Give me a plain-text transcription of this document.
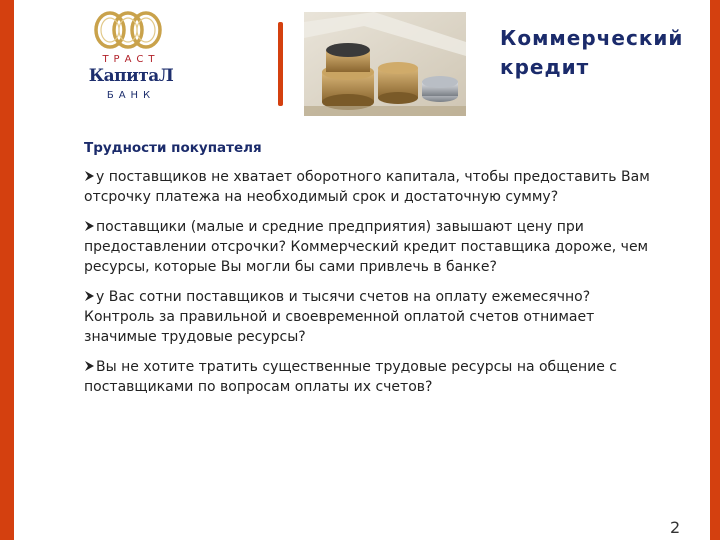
ТРАСТ
КапитаЛ
БАНК
Коммерческий
кредит
Трудности покупателя
у поставщиков не хватает оборотного капитала, чтобы предоставить Вам отсрочку платежа на необходимый срок и достаточную сумму?
поставщики (малые и средние предприятия) завышают цену при предоставлении отсрочки? Коммерческий кредит поставщика дороже, чем ресурсы, которые Вы могли бы сами привлечь в банке?
у Вас сотни поставщиков и тысячи счетов на оплату ежемесячно? Контроль за правильной и своевременной оплатой счетов отнимает значимые трудовые ресурсы?
Вы не хотите тратить существенные трудовые ресурсы на общение с поставщиками по вопросам оплаты их счетов?
2
